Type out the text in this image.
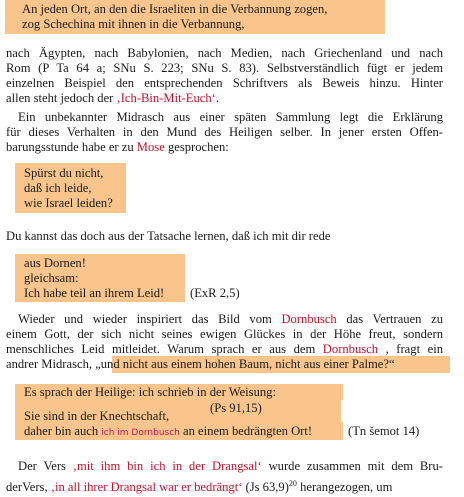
An jeden Ort, an den die Israeliten in die Verbannung zogen,
zog Schechina mit ihnen in die Verbannung,
nach Ägypten, nach Babylonien, nach Medien, nach Griechenland und nach
Rom (P Ta 64 a; SNu S. 223; SNu S. 83). Selbstverständlich fügt er jedem
einzelnen Beispiel den entsprechenden Schriftvers als Beweis hinzu. Hinter
allen steht jedoch der ‚Ich-Bin-Mit-Euch‘.
Ein unbekannter Midrasch aus einer späten Sammlung legt die Erklärung
für dieses Verhalten in den Mund des Heiligen selber. In jener ersten Offen-
barungsstunde habe er zu Mose gesprochen:
Spürst du nicht,
daß ich leide,
wie Israel leiden?
Du kannst das doch aus der Tatsache lernen, daß ich mit dir rede
aus Dornen!
gleichsam:
Ich habe teil an ihrem Leid! (ExR 2,5)
Wieder und wieder inspiriert das Bild vom Dornbusch das Vertrauen zu
einem Gott, der sich nicht seines ewigen Glückes in der Höhe freut, sondern
menschliches Leid mitleidet. Warum sprach er aus dem Dornbusch , fragt ein
andrer Midrasch, „und nicht aus einem hohen Baum, nicht aus einer Palme?“
Es sprach der Heilige: ich schrieb in der Weisung:
(Ps 91,15)
Sie sind in der Knechtschaft,
daher bin auch ich im Dornbusch an einem bedrängten Ort!	(Tn šemot 14)
Der Vers ‚mit ihm bin ich in der Drangsal‘ wurde zusammen mit dem Bru-
derVers, ‚in all ihrer Drangsal war er bedrängt‘ (Js 63,9)$^{20}$ herangezogen, um
